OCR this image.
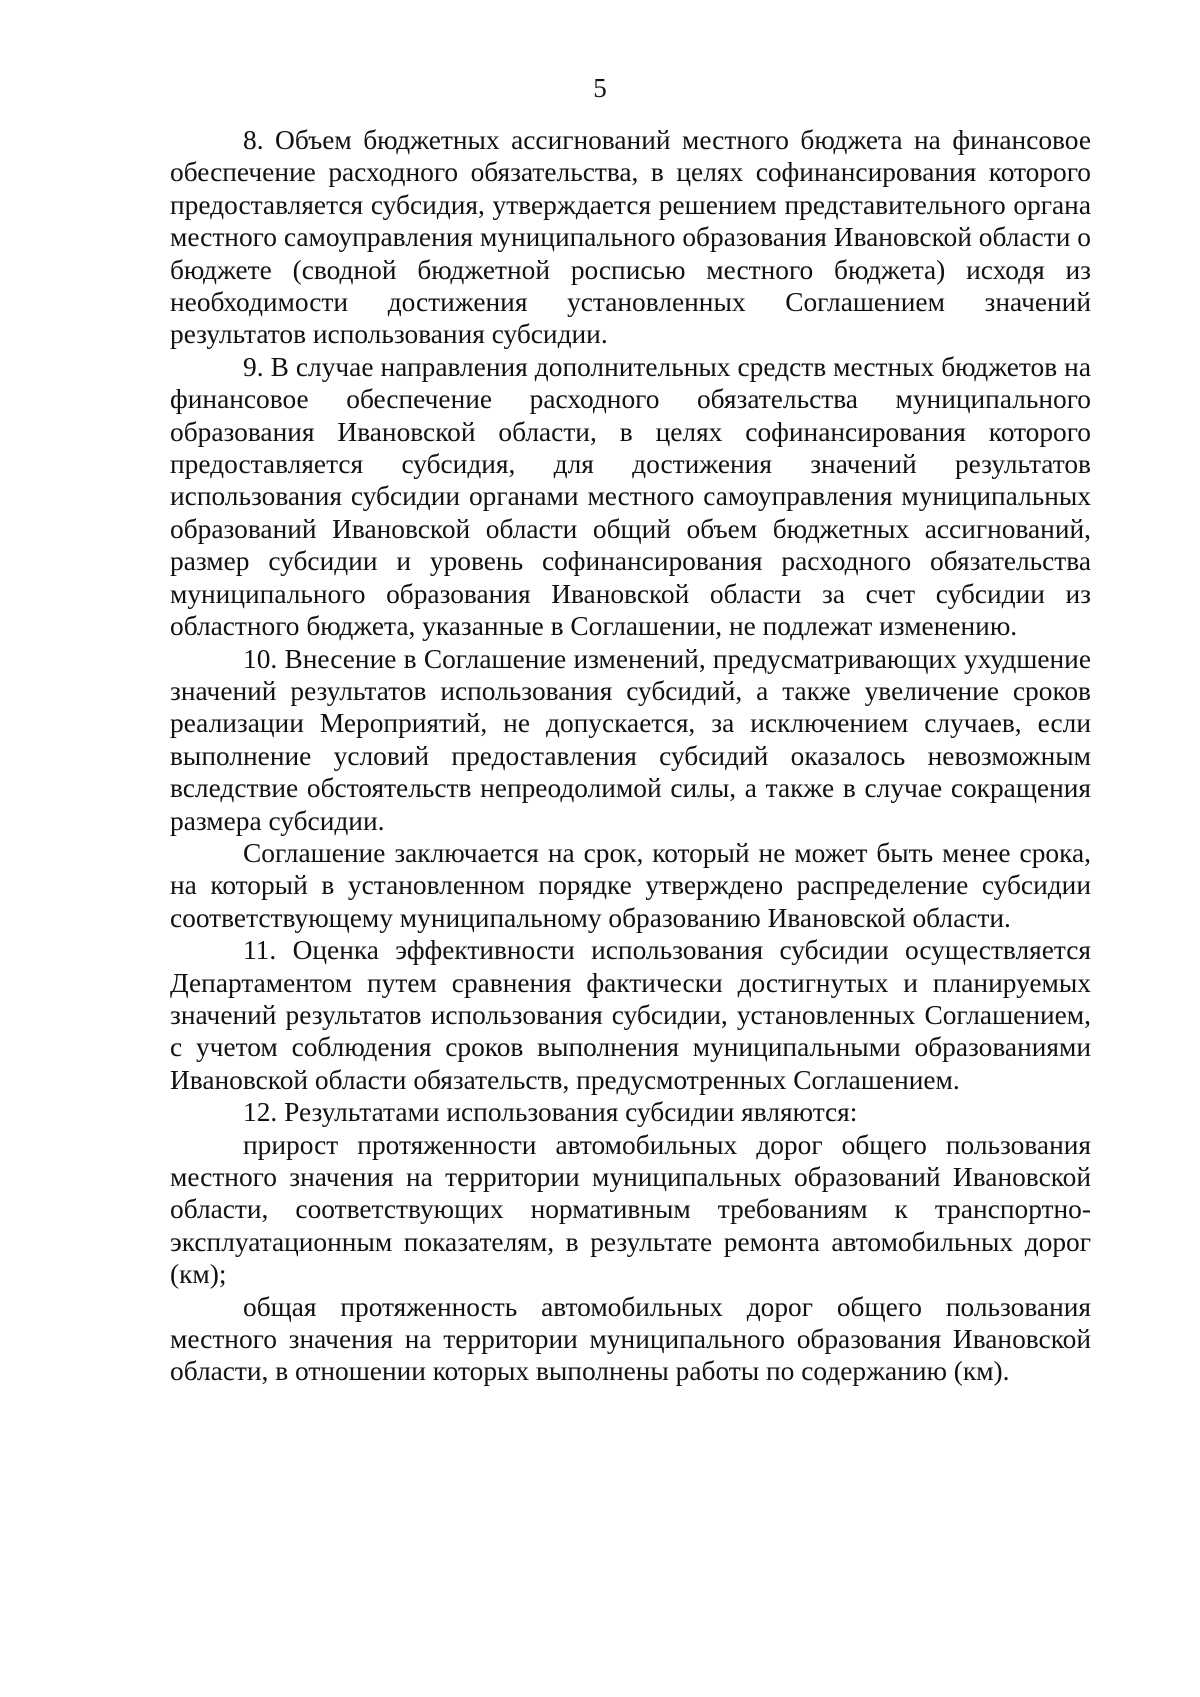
5

8. Объем бюджетных ассигнований местного бюджета на финансовое обеспечение расходного обязательства, в целях софинансирования которого предоставляется субсидия, утверждается решением представительного органа местного самоуправления муниципального образования Ивановской области о бюджете (сводной бюджетной росписью местного бюджета) исходя из необходимости достижения установленных Соглашением значений результатов использования субсидии.

9. В случае направления дополнительных средств местных бюджетов на финансовое обеспечение расходного обязательства муниципального образования Ивановской области, в целях софинансирования которого предоставляется субсидия, для достижения значений результатов использования субсидии органами местного самоуправления муниципальных образований Ивановской области общий объем бюджетных ассигнований, размер субсидии и уровень софинансирования расходного обязательства муниципального образования Ивановской области за счет субсидии из областного бюджета, указанные в Соглашении, не подлежат изменению.

10. Внесение в Соглашение изменений, предусматривающих ухудшение значений результатов использования субсидий, а также увеличение сроков реализации Мероприятий, не допускается, за исключением случаев, если выполнение условий предоставления субсидий оказалось невозможным вследствие обстоятельств непреодолимой силы, а также в случае сокращения размера субсидии.

Соглашение заключается на срок, который не может быть менее срока, на который в установленном порядке утверждено распределение субсидии соответствующему муниципальному образованию Ивановской области.

11. Оценка эффективности использования субсидии осуществляется Департаментом путем сравнения фактически достигнутых и планируемых значений результатов использования субсидии, установленных Соглашением, с учетом соблюдения сроков выполнения муниципальными образованиями Ивановской области обязательств, предусмотренных Соглашением.

12. Результатами использования субсидии являются:

прирост протяженности автомобильных дорог общего пользования местного значения на территории муниципальных образований Ивановской области, соответствующих нормативным требованиям к транспортно-эксплуатационным показателям, в результате ремонта автомобильных дорог (км);

общая протяженность автомобильных дорог общего пользования местного значения на территории муниципального образования Ивановской области, в отношении которых выполнены работы по содержанию (км).
